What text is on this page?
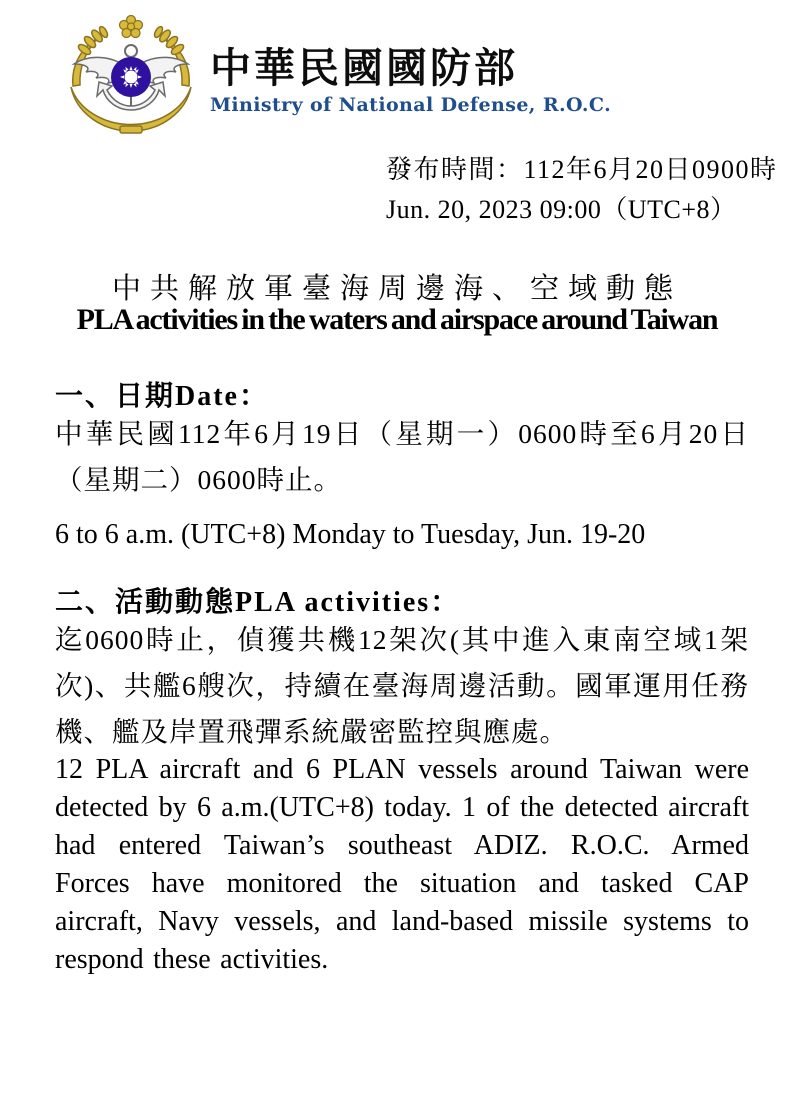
中華民國國防部
Ministry of National Defense, R.O.C.
發布時間：112年6月20日0900時
Jun. 20, 2023 09:00（UTC+8）
中共解放軍臺海周邊海、空域動態
PLA activities in the waters and airspace around Taiwan
一、日期Date：
中華民國112年6月19日（星期一）0600時至6月20日（星期二）0600時止。
6 to 6 a.m. (UTC+8) Monday to Tuesday, Jun. 19-20
二、活動動態PLA activities：
迄0600時止，偵獲共機12架次(其中進入東南空域1架次)、共艦6艘次，持續在臺海周邊活動。國軍運用任務機、艦及岸置飛彈系統嚴密監控與應處。
12 PLA aircraft and 6 PLAN vessels around Taiwan were detected by 6 a.m.(UTC+8) today. 1 of the detected aircraft had entered Taiwan’s southeast ADIZ. R.O.C. Armed Forces have monitored the situation and tasked CAP aircraft, Navy vessels, and land-based missile systems to respond these activities.
